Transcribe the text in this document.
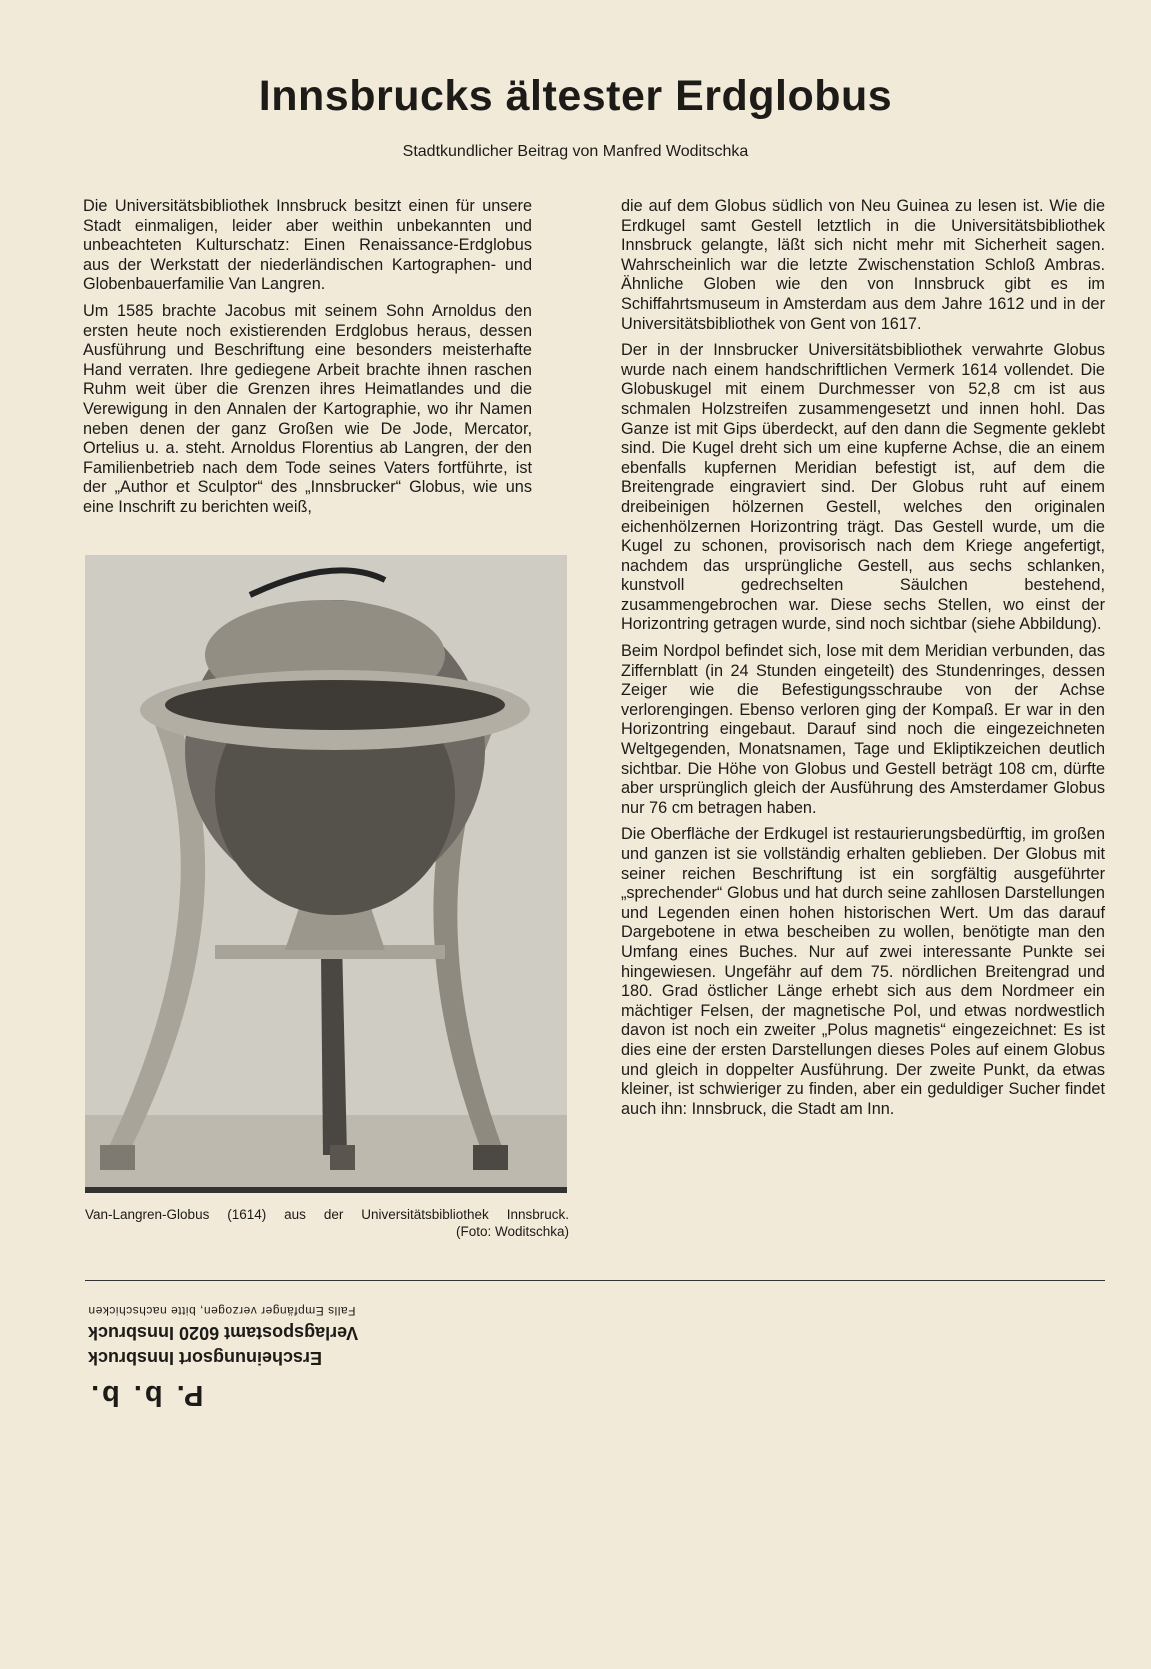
Innsbrucks ältester Erdglobus
Stadtkundlicher Beitrag von Manfred Woditschka

Die Universitätsbibliothek Innsbruck besitzt einen für unsere Stadt einmaligen, leider aber weithin unbekannten und unbeachteten Kulturschatz: Einen Renaissance-Erdglobus aus der Werkstatt der niederländischen Kartographen- und Globenbauerfamilie Van Langren.

Um 1585 brachte Jacobus mit seinem Sohn Arnoldus den ersten heute noch existierenden Erdglobus heraus, dessen Ausführung und Beschriftung eine besonders meisterhafte Hand verraten. Ihre gediegene Arbeit brachte ihnen raschen Ruhm weit über die Grenzen ihres Heimatlandes und die Verewigung in den Annalen der Kartographie, wo ihr Namen neben denen der ganz Großen wie De Jode, Mercator, Ortelius u. a. steht. Arnoldus Florentius ab Langren, der den Familienbetrieb nach dem Tode seines Vaters fortführte, ist der „Author et Sculptor“ des „Innsbrucker“ Globus, wie uns eine Inschrift zu berichten weiß,

Van-Langren-Globus (1614) aus der Universitätsbibliothek Innsbruck.
(Foto: Woditschka)

die auf dem Globus südlich von Neu Guinea zu lesen ist. Wie die Erdkugel samt Gestell letztlich in die Universitätsbibliothek Innsbruck gelangte, läßt sich nicht mehr mit Sicherheit sagen. Wahrscheinlich war die letzte Zwischenstation Schloß Ambras. Ähnliche Globen wie den von Innsbruck gibt es im Schiffahrtsmuseum in Amsterdam aus dem Jahre 1612 und in der Universitätsbibliothek von Gent von 1617.

Der in der Innsbrucker Universitätsbibliothek verwahrte Globus wurde nach einem handschriftlichen Vermerk 1614 vollendet. Die Globuskugel mit einem Durchmesser von 52,8 cm ist aus schmalen Holzstreifen zusammengesetzt und innen hohl. Das Ganze ist mit Gips überdeckt, auf den dann die Segmente geklebt sind. Die Kugel dreht sich um eine kupferne Achse, die an einem ebenfalls kupfernen Meridian befestigt ist, auf dem die Breitengrade eingraviert sind. Der Globus ruht auf einem dreibeinigen hölzernen Gestell, welches den originalen eichenhölzernen Horizontring trägt. Das Gestell wurde, um die Kugel zu schonen, provisorisch nach dem Kriege angefertigt, nachdem das ursprüngliche Gestell, aus sechs schlanken, kunstvoll gedrechselten Säulchen bestehend, zusammengebrochen war. Diese sechs Stellen, wo einst der Horizontring getragen wurde, sind noch sichtbar (siehe Abbildung).

Beim Nordpol befindet sich, lose mit dem Meridian verbunden, das Ziffernblatt (in 24 Stunden eingeteilt) des Stundenringes, dessen Zeiger wie die Befestigungsschraube von der Achse verlorengingen. Ebenso verloren ging der Kompaß. Er war in den Horizontring eingebaut. Darauf sind noch die eingezeichneten Weltgegenden, Monatsnamen, Tage und Ekliptikzeichen deutlich sichtbar. Die Höhe von Globus und Gestell beträgt 108 cm, dürfte aber ursprünglich gleich der Ausführung des Amsterdamer Globus nur 76 cm betragen haben.

Die Oberfläche der Erdkugel ist restaurierungsbedürftig, im großen und ganzen ist sie vollständig erhalten geblieben. Der Globus mit seiner reichen Beschriftung ist ein sorgfältig ausgeführter „sprechender“ Globus und hat durch seine zahllosen Darstellungen und Legenden einen hohen historischen Wert. Um das darauf Dargebotene in etwa bescheiben zu wollen, benötigte man den Umfang eines Buches. Nur auf zwei interessante Punkte sei hingewiesen. Ungefähr auf dem 75. nördlichen Breitengrad und 180. Grad östlicher Länge erhebt sich aus dem Nordmeer ein mächtiger Felsen, der magnetische Pol, und etwas nordwestlich davon ist noch ein zweiter „Polus magnetis“ eingezeichnet: Es ist dies eine der ersten Darstellungen dieses Poles auf einem Globus und gleich in doppelter Ausführung. Der zweite Punkt, da etwas kleiner, ist schwieriger zu finden, aber ein geduldiger Sucher findet auch ihn: Innsbruck, die Stadt am Inn.

P. b. b.
Erscheinungsort Innsbruck
Verlagspostamt 6020 Innsbruck
Falls Empfänger verzogen, bitte nachschicken
